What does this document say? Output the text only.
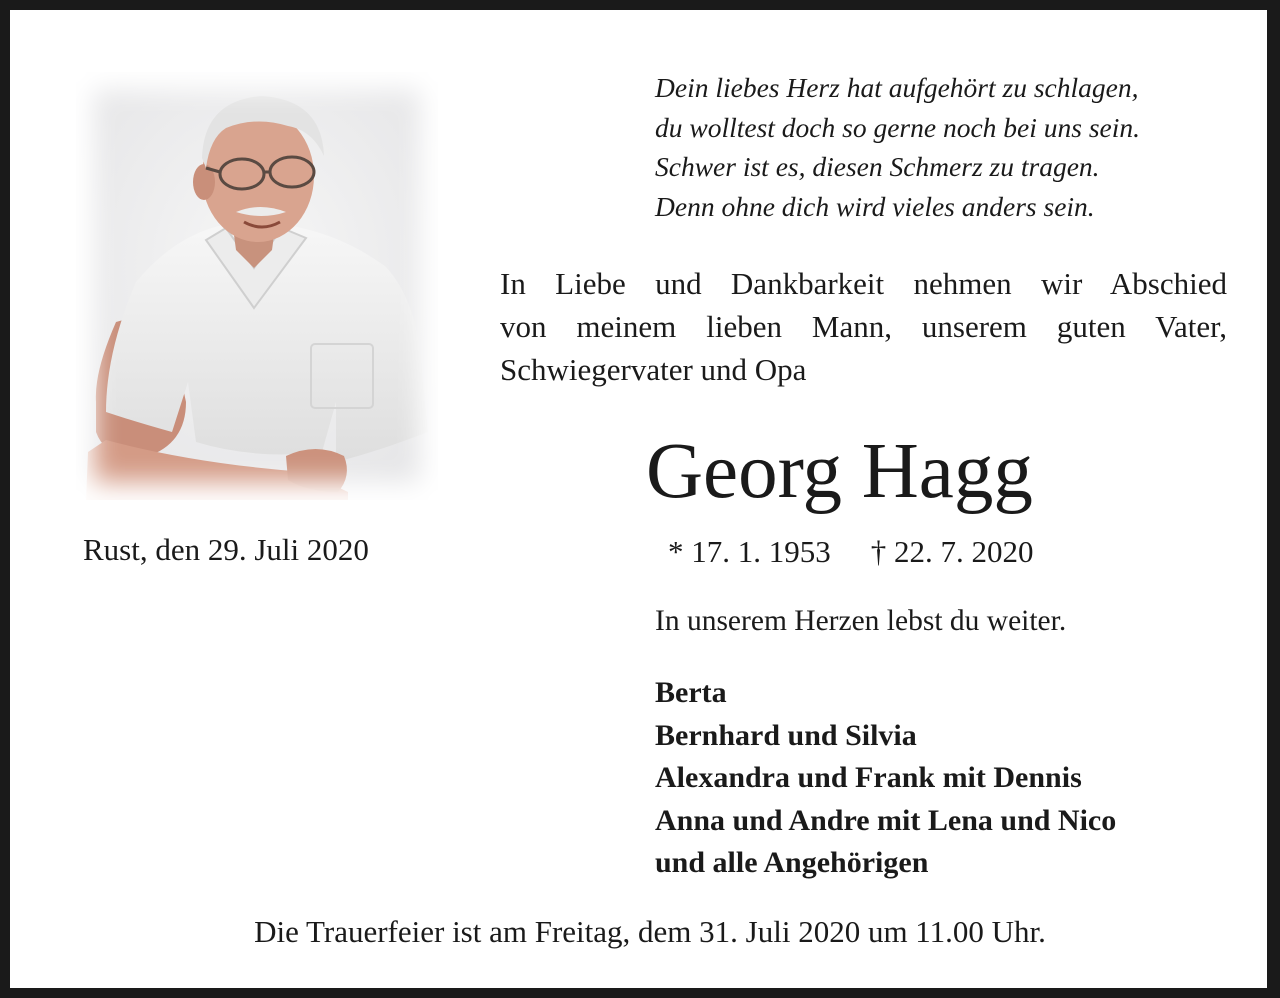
Rust, den 29. Juli 2020
Dein liebes Herz hat aufgehört zu schlagen,
du wolltest doch so gerne noch bei uns sein.
Schwer ist es, diesen Schmerz zu tragen.
Denn ohne dich wird vieles anders sein.
In Liebe und Dankbarkeit nehmen wir Abschied
von meinem lieben Mann, unserem guten Vater,
Schwiegervater und Opa
Georg Hagg
* 17. 1. 1953 † 22. 7. 2020
In unserem Herzen lebst du weiter.
Berta
Bernhard und Silvia
Alexandra und Frank mit Dennis
Anna und Andre mit Lena und Nico
und alle Angehörigen
Die Trauerfeier ist am Freitag, dem 31. Juli 2020 um 11.00 Uhr.
